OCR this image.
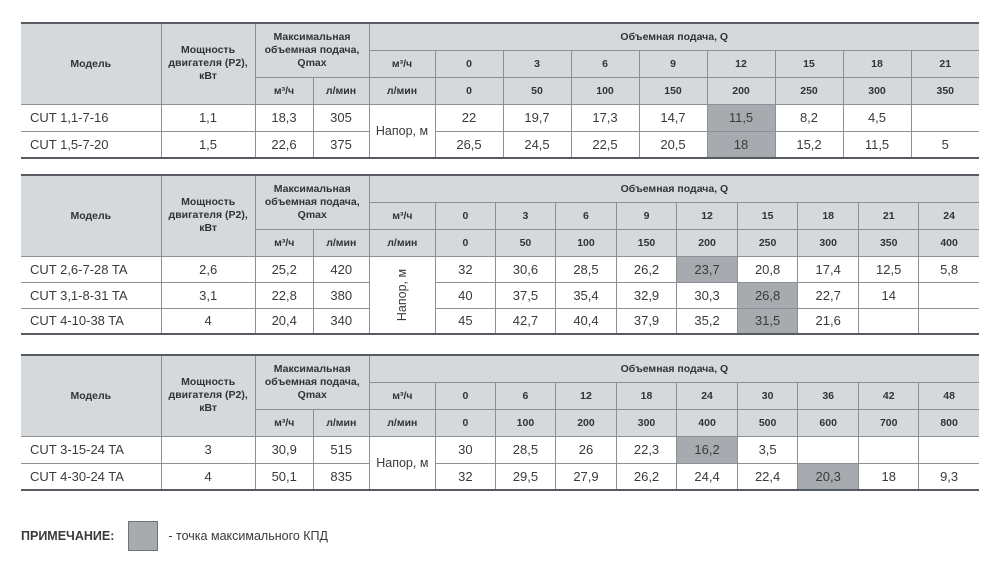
Модель	Мощность двигателя (P2), кВт	Максимальная объемная подача, Qmax		Объемная подача, Q								
				м³/ч	0	3	6	9	12	15	18	21
		м³/ч	л/мин	л/мин	0	50	100	150	200	250	300	350
CUT 1,1-7-16	1,1	18,3	305	Напор, м	22	19,7	17,3	14,7	11,5	8,2	4,5	
CUT 1,5-7-20	1,5	22,6	375		26,5	24,5	22,5	20,5	18	15,2	11,5	5
Модель	Мощность двигателя (P2), кВт	Максимальная объемная подача, Qmax		Объемная подача, Q									
				м³/ч	0	3	6	9	12	15	18	21	24
		м³/ч	л/мин	л/мин	0	50	100	150	200	250	300	350	400
CUT 2,6-7-28 TA	2,6	25,2	420	Напор, м	32	30,6	28,5	26,2	23,7	20,8	17,4	12,5	5,8
CUT 3,1-8-31 TA	3,1	22,8	380		40	37,5	35,4	32,9	30,3	26,8	22,7	14	
CUT 4-10-38 TA	4	20,4	340		45	42,7	40,4	37,9	35,2	31,5	21,6		
Модель	Мощность двигателя (P2), кВт	Максимальная объемная подача, Qmax		Объемная подача, Q									
				м³/ч	0	6	12	18	24	30	36	42	48
		м³/ч	л/мин	л/мин	0	100	200	300	400	500	600	700	800
CUT 3-15-24 TA	3	30,9	515	Напор, м	30	28,5	26	22,3	16,2	3,5			
CUT 4-30-24 TA	4	50,1	835		32	29,5	27,9	26,2	24,4	22,4	20,3	18	9,3
ПРИМЕЧАНИЕ:	- точка максимального КПД
